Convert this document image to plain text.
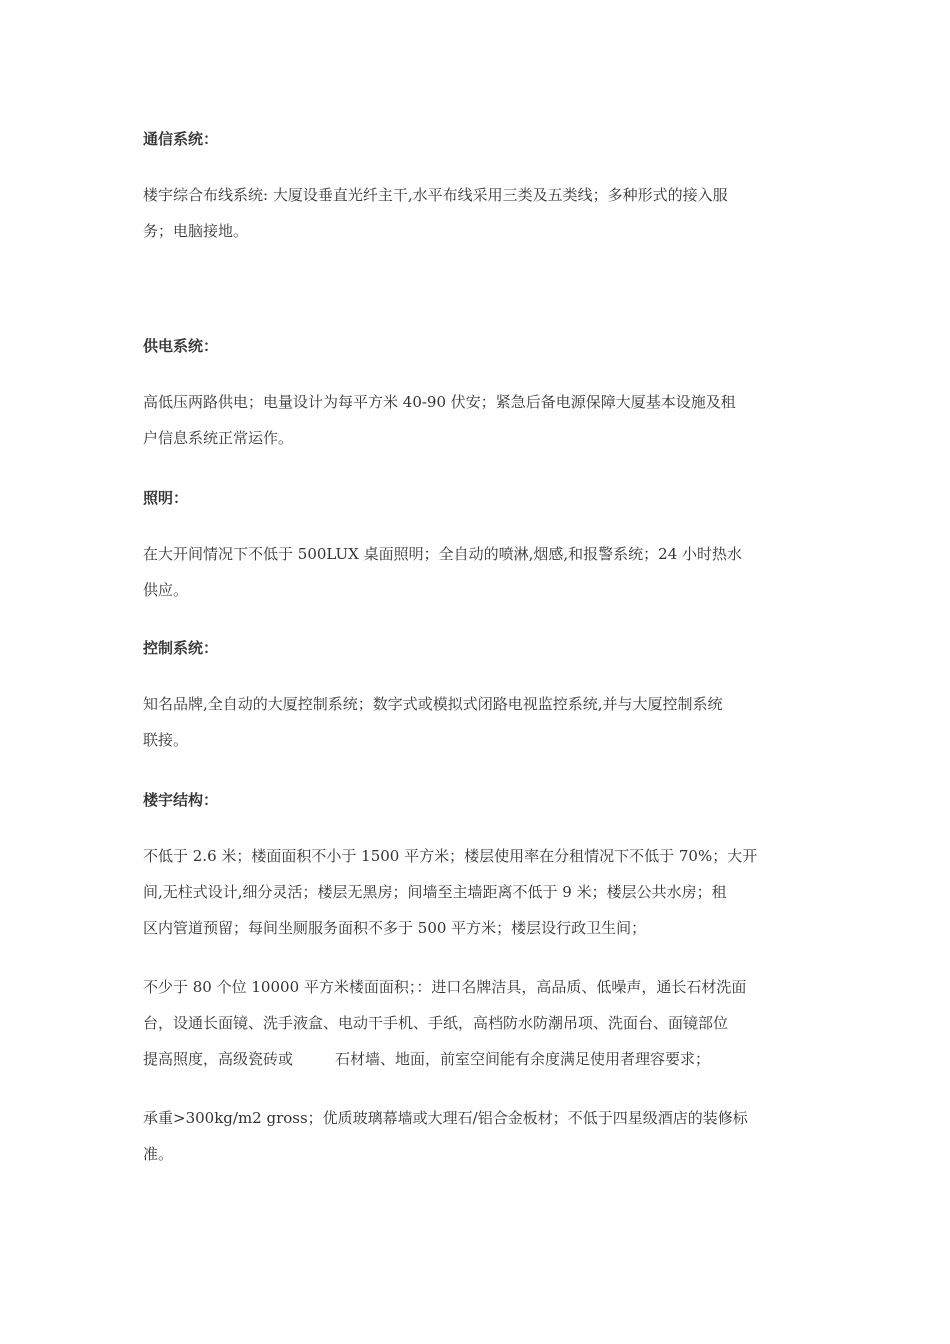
通信系统：
楼宇综合布线系统: 大厦设垂直光纤主干,水平布线采用三类及五类线；多种形式的接入服
务；电脑接地。
供电系统：
高低压两路供电；电量设计为每平方米 40-90 伏安；紧急后备电源保障大厦基本设施及租
户信息系统正常运作。
照明：
在大开间情况下不低于 500LUX 桌面照明；全自动的喷淋,烟感,和报警系统；24 小时热水
供应。
控制系统：
知名品牌,全自动的大厦控制系统；数字式或模拟式闭路电视监控系统,并与大厦控制系统
联接。
楼宇结构：
不低于 2.6 米；楼面面积不小于 1500 平方米；楼层使用率在分租情况下不低于 70%；大开
间,无柱式设计,细分灵活；楼层无黑房；间墙至主墙距离不低于 9 米；楼层公共水房；租
区内管道预留；每间坐厕服务面积不多于 500 平方米；楼层设行政卫生间；
不少于 80 个位 10000 平方米楼面面积；：进口名牌洁具，高品质、低噪声，通长石材洗面
台，设通长面镜、洗手液盒、电动干手机、手纸，高档防水防潮吊项、洗面台、面镜部位
提高照度，高级瓷砖或	石材墙、地面，前室空间能有余度满足使用者理容要求；
承重>300kg/m2 gross；优质玻璃幕墙或大理石/铝合金板材；不低于四星级酒店的装修标
准。
